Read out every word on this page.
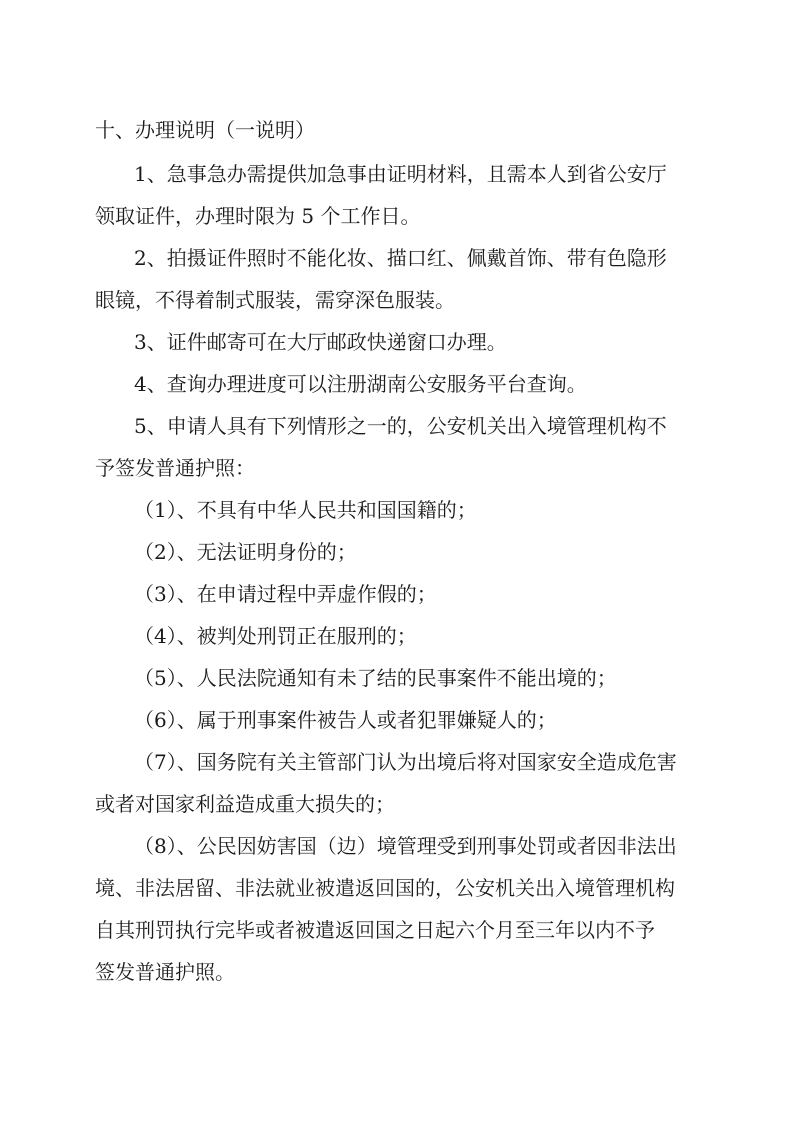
十、办理说明（一说明）
1、急事急办需提供加急事由证明材料，且需本人到省公安厅
领取证件，办理时限为 5 个工作日。
2、拍摄证件照时不能化妆、描口红、佩戴首饰、带有色隐形
眼镜，不得着制式服装，需穿深色服装。
3、证件邮寄可在大厅邮政快递窗口办理。
4、查询办理进度可以注册湖南公安服务平台查询。
5、申请人具有下列情形之一的，公安机关出入境管理机构不
予签发普通护照：
（1）、不具有中华人民共和国国籍的；
（2）、无法证明身份的；
（3）、在申请过程中弄虚作假的；
（4）、被判处刑罚正在服刑的；
（5）、人民法院通知有未了结的民事案件不能出境的；
（6）、属于刑事案件被告人或者犯罪嫌疑人的；
（7）、国务院有关主管部门认为出境后将对国家安全造成危害
或者对国家利益造成重大损失的；
（8）、公民因妨害国（边）境管理受到刑事处罚或者因非法出
境、非法居留、非法就业被遣返回国的，公安机关出入境管理机构
自其刑罚执行完毕或者被遣返回国之日起六个月至三年以内不予
签发普通护照。
